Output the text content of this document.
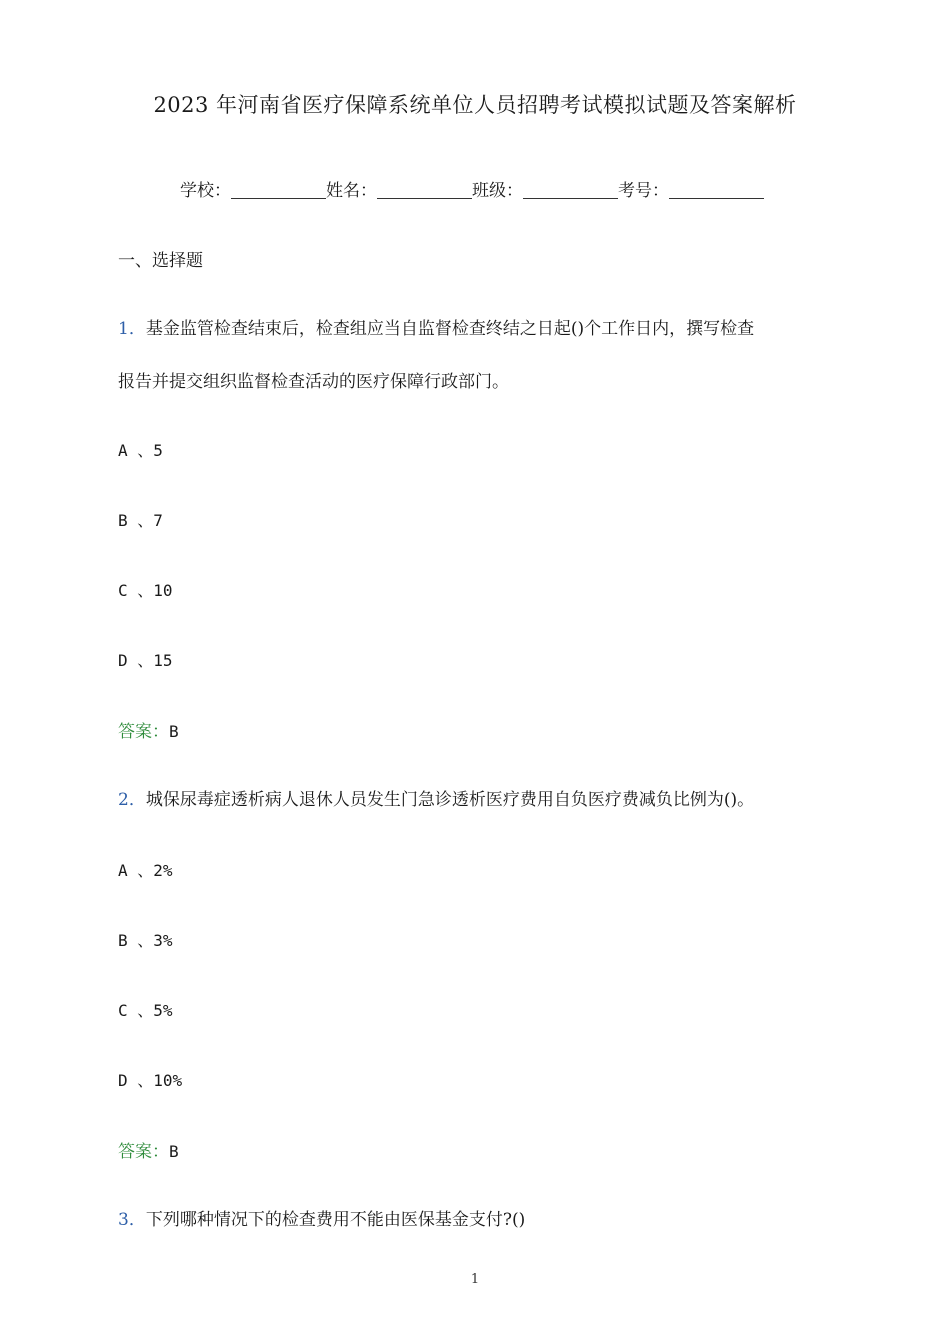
2023 年河南省医疗保障系统单位人员招聘考试模拟试题及答案解析
学校：	姓名：	班级：	考号：
一、选择题
1．基金监管检查结束后，检查组应当自监督检查终结之日起()个工作日内，撰写检查
报告并提交组织监督检查活动的医疗保障行政部门。
A 、5
B 、7
C 、10
D 、15
答案：B
2．城保尿毒症透析病人退休人员发生门急诊透析医疗费用自负医疗费减负比例为()。
A 、2%
B 、3%
C 、5%
D 、10%
答案：B
3．下列哪种情况下的检查费用不能由医保基金支付?()
1
